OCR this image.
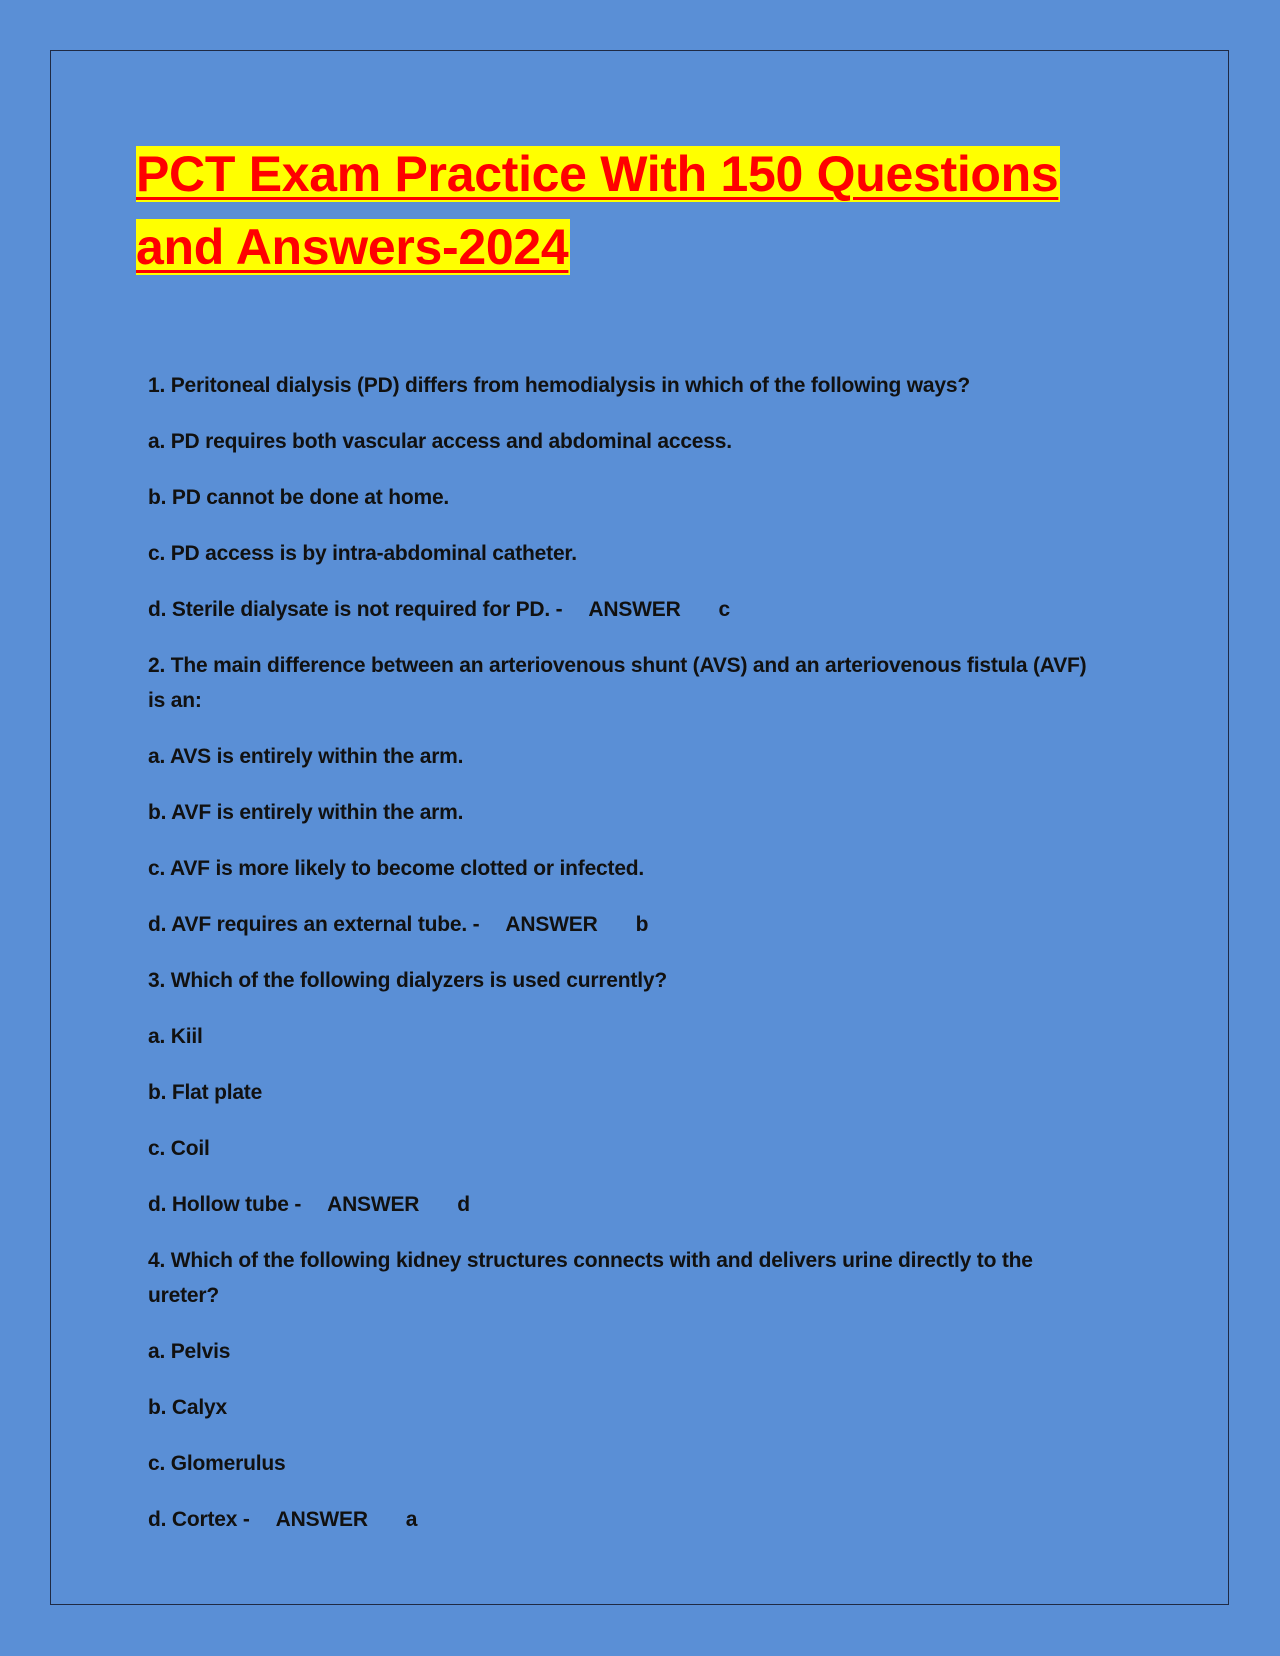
PCT Exam Practice With 150 Questions
and Answers-2024
1. Peritoneal dialysis (PD) differs from hemodialysis in which of the following ways?
a. PD requires both vascular access and abdominal access.
b. PD cannot be done at home.
c. PD access is by intra-abdominal catheter.
d. Sterile dialysate is not required for PD. - ANSWER c
2. The main difference between an arteriovenous shunt (AVS) and an arteriovenous fistula (AVF) is an:
a. AVS is entirely within the arm.
b. AVF is entirely within the arm.
c. AVF is more likely to become clotted or infected.
d. AVF requires an external tube. - ANSWER b
3. Which of the following dialyzers is used currently?
a. Kiil
b. Flat plate
c. Coil
d. Hollow tube - ANSWER d
4. Which of the following kidney structures connects with and delivers urine directly to the ureter?
a. Pelvis
b. Calyx
c. Glomerulus
d. Cortex - ANSWER a
